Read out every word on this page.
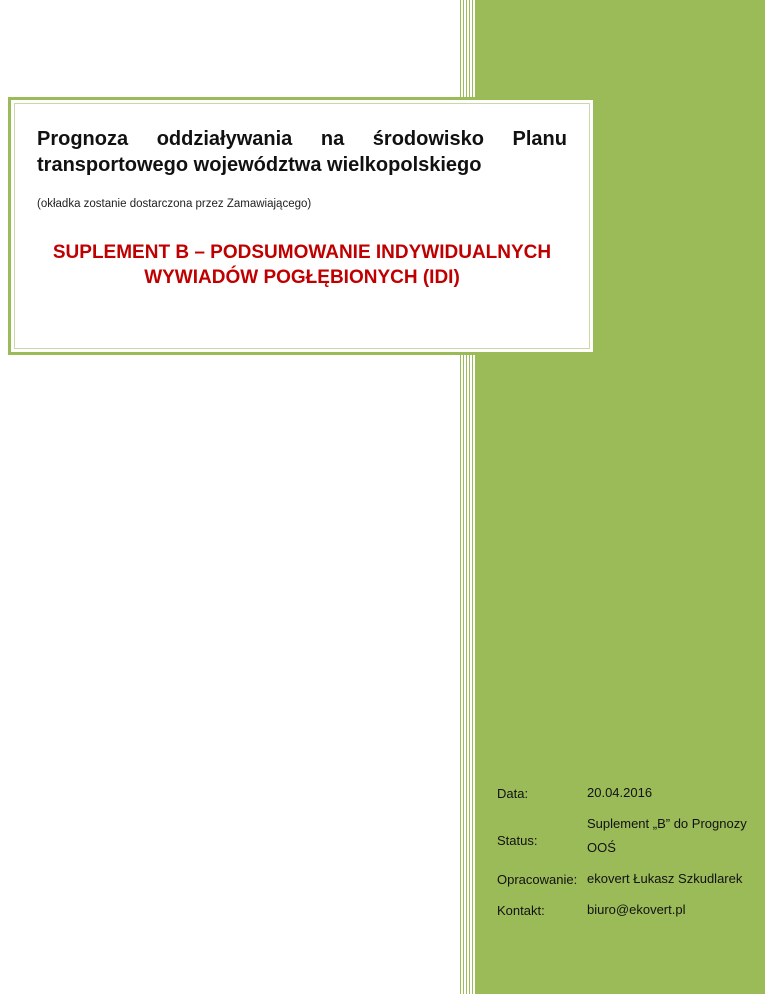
Prognoza oddziaływania na środowisko Planu
transportowego województwa wielkopolskiego
(okładka zostanie dostarczona przez Zamawiającego)
SUPLEMENT B – PODSUMOWANIE INDYWIDUALNYCH
WYWIADÓW POGŁĘBIONYCH (IDI)
Data:	20.04.2016
Status:
Suplement „B” do Prognozy
OOŚ
Opracowanie: ekovert Łukasz Szkudlarek
Kontakt:	biuro@ekovert.pl
